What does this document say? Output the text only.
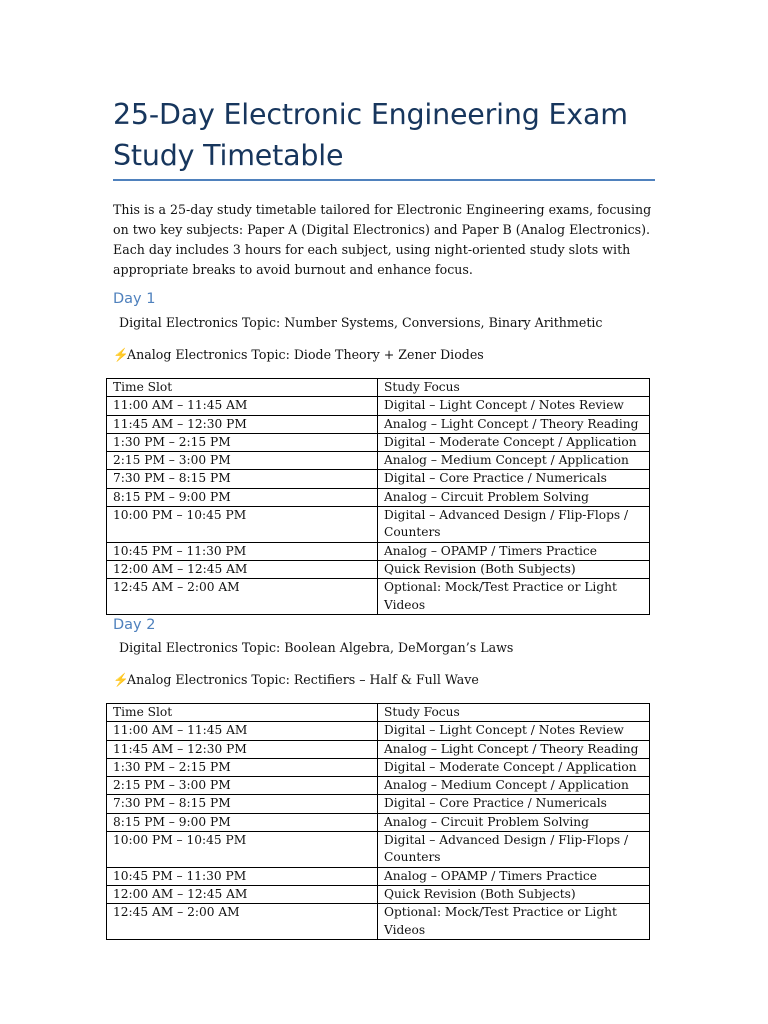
25-Day Electronic Engineering Exam Study Timetable
This is a 25-day study timetable tailored for Electronic Engineering exams, focusing on two key subjects: Paper A (Digital Electronics) and Paper B (Analog Electronics). Each day includes 3 hours for each subject, using night-oriented study slots with appropriate breaks to avoid burnout and enhance focus.
Day 1
Digital Electronics Topic: Number Systems, Conversions, Binary Arithmetic
⚡Analog Electronics Topic: Diode Theory + Zener Diodes
Time Slot	Study Focus
11:00 AM – 11:45 AM	Digital – Light Concept / Notes Review
11:45 AM – 12:30 PM	Analog – Light Concept / Theory Reading
1:30 PM – 2:15 PM	Digital – Moderate Concept / Application
2:15 PM – 3:00 PM	Analog – Medium Concept / Application
7:30 PM – 8:15 PM	Digital – Core Practice / Numericals
8:15 PM – 9:00 PM	Analog – Circuit Problem Solving
10:00 PM – 10:45 PM	Digital – Advanced Design / Flip-Flops / Counters
10:45 PM – 11:30 PM	Analog – OPAMP / Timers Practice
12:00 AM – 12:45 AM	Quick Revision (Both Subjects)
12:45 AM – 2:00 AM	Optional: Mock/Test Practice or Light Videos
Day 2
Digital Electronics Topic: Boolean Algebra, DeMorgan’s Laws
⚡Analog Electronics Topic: Rectifiers – Half & Full Wave
Time Slot	Study Focus
11:00 AM – 11:45 AM	Digital – Light Concept / Notes Review
11:45 AM – 12:30 PM	Analog – Light Concept / Theory Reading
1:30 PM – 2:15 PM	Digital – Moderate Concept / Application
2:15 PM – 3:00 PM	Analog – Medium Concept / Application
7:30 PM – 8:15 PM	Digital – Core Practice / Numericals
8:15 PM – 9:00 PM	Analog – Circuit Problem Solving
10:00 PM – 10:45 PM	Digital – Advanced Design / Flip-Flops / Counters
10:45 PM – 11:30 PM	Analog – OPAMP / Timers Practice
12:00 AM – 12:45 AM	Quick Revision (Both Subjects)
12:45 AM – 2:00 AM	Optional: Mock/Test Practice or Light Videos
